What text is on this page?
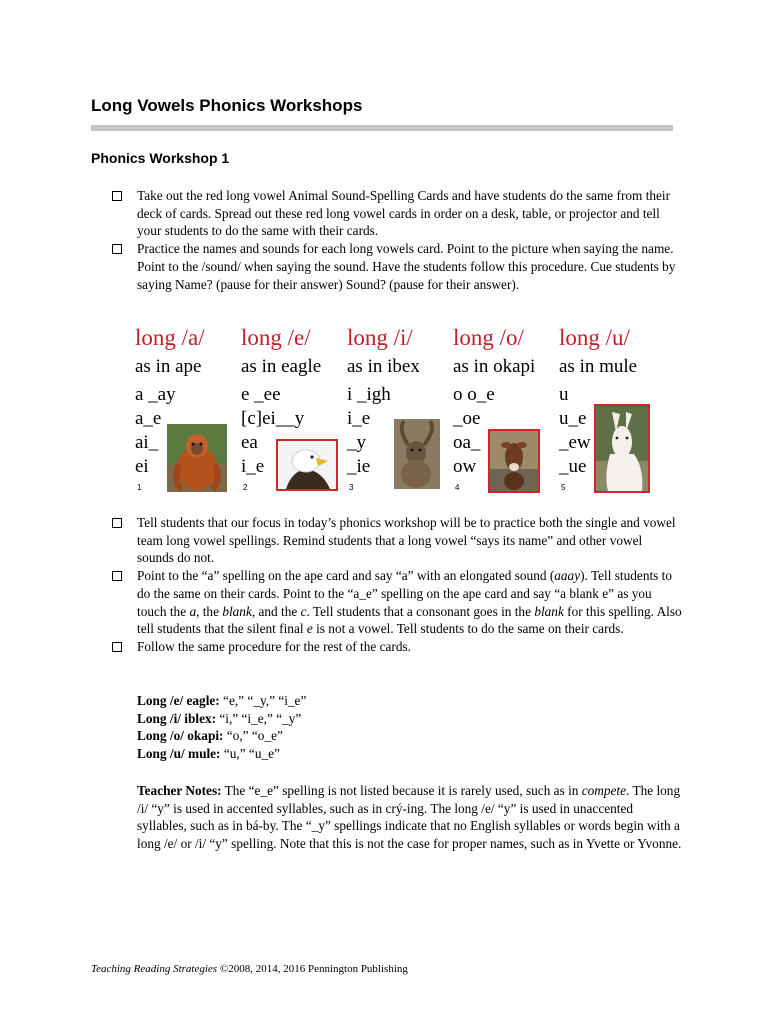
Long Vowels Phonics Workshops
Phonics Workshop 1
Take out the red long vowel Animal Sound-Spelling Cards and have students do the same from their deck of cards. Spread out these red long vowel cards in order on a desk, table, or projector and tell your students to do the same with their cards.
Practice the names and sounds for each long vowels card. Point to the picture when saying the name. Point to the /sound/ when saying the sound. Have the students follow this procedure. Cue students by saying Name? (pause for their answer) Sound? (pause for their answer).
long /a/
as in ape
a _ay
a_e
ai_
ei
1
long /e/
as in eagle
e _ee
[c]ei__y
ea
i_e
2
long /i/
as in ibex
i _igh
i_e
_y
_ie
3
long /o/
as in okapi
o o_e
_oe
oa_
ow
4
long /u/
as in mule
u
u_e
_ew
_ue
5
Tell students that our focus in today’s phonics workshop will be to practice both the single and vowel team long vowel spellings. Remind students that a long vowel “says its name” and other vowel sounds do not.
Point to the “a” spelling on the ape card and say “a” with an elongated sound (aaay). Tell students to do the same on their cards. Point to the “a_e” spelling on the ape card and say “a blank e” as you touch the a, the blank, and the c. Tell students that a consonant goes in the blank for this spelling. Also tell students that the silent final e is not a vowel. Tell students to do the same on their cards.
Follow the same procedure for the rest of the cards.
Long /e/ eagle: “e,” “_y,” “i_e”
Long /i/ iblex: “i,” “i_e,” “_y”
Long /o/ okapi: “o,” “o_e”
Long /u/ mule: “u,” “u_e”
Teacher Notes: The “e_e” spelling is not listed because it is rarely used, such as in compete. The long /i/ “y” is used in accented syllables, such as in crý-ing. The long /e/ “y” is used in unaccented syllables, such as in bá-by. The “_y” spellings indicate that no English syllables or words begin with a long /e/ or /i/ “y” spelling. Note that this is not the case for proper names, such as in Yvette or Yvonne.
Teaching Reading Strategies ©2008, 2014, 2016 Pennington Publishing
